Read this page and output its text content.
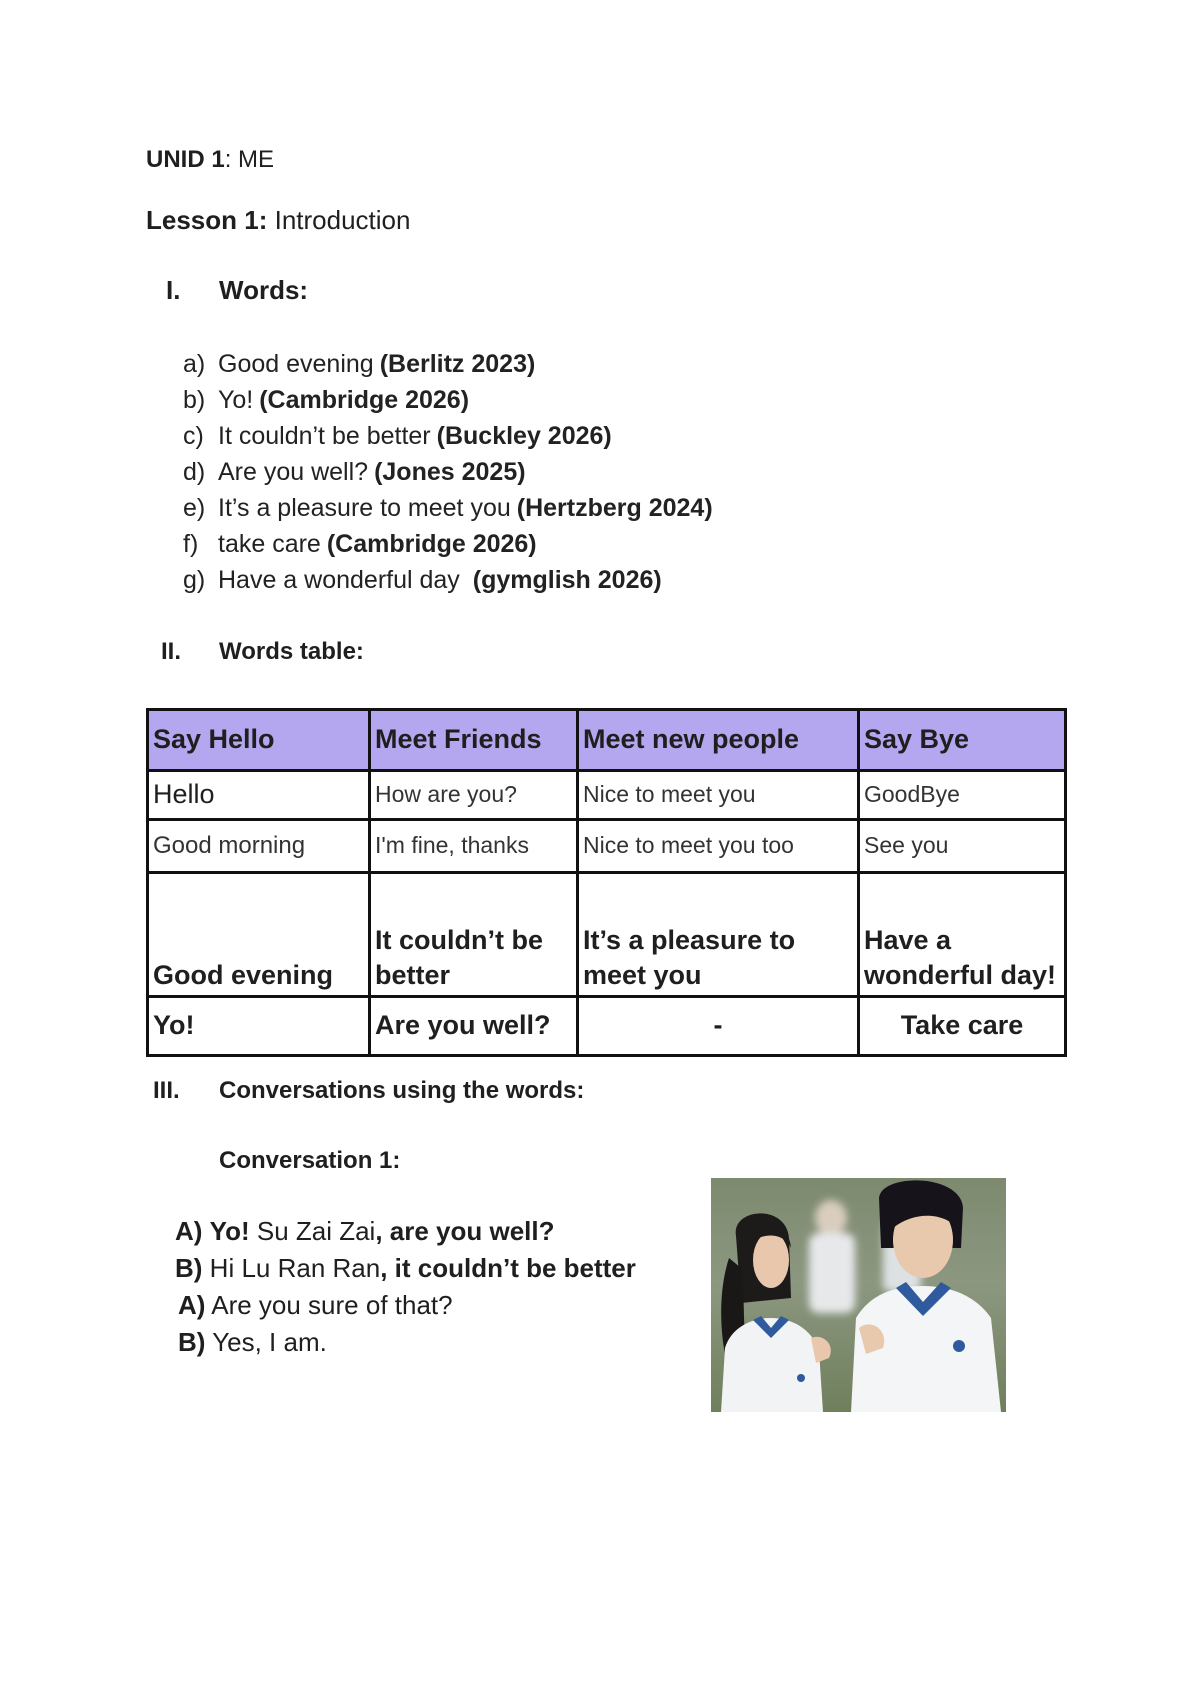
UNID 1: ME
Lesson 1: Introduction
I. Words:
a) Good evening (Berlitz 2023)
b) Yo! (Cambridge 2026)
c) It couldn’t be better (Buckley 2026)
d) Are you well? (Jones 2025)
e) It’s a pleasure to meet you (Hertzberg 2024)
f) take care (Cambridge 2026)
g) Have a wonderful day (gymglish 2026)
II. Words table:
Say Hello	Meet Friends	Meet new people	Say Bye
Hello	How are you?	Nice to meet you	GoodBye
Good morning	I'm fine, thanks	Nice to meet you too	See you
Good evening	It couldn’t be better	It’s a pleasure to meet you	Have a wonderful day!
Yo!	Are you well?	-	Take care
III. Conversations using the words:
Conversation 1:
A) Yo! Su Zai Zai, are you well?
B) Hi Lu Ran Ran, it couldn’t be better
A) Are you sure of that?
B) Yes, I am.
